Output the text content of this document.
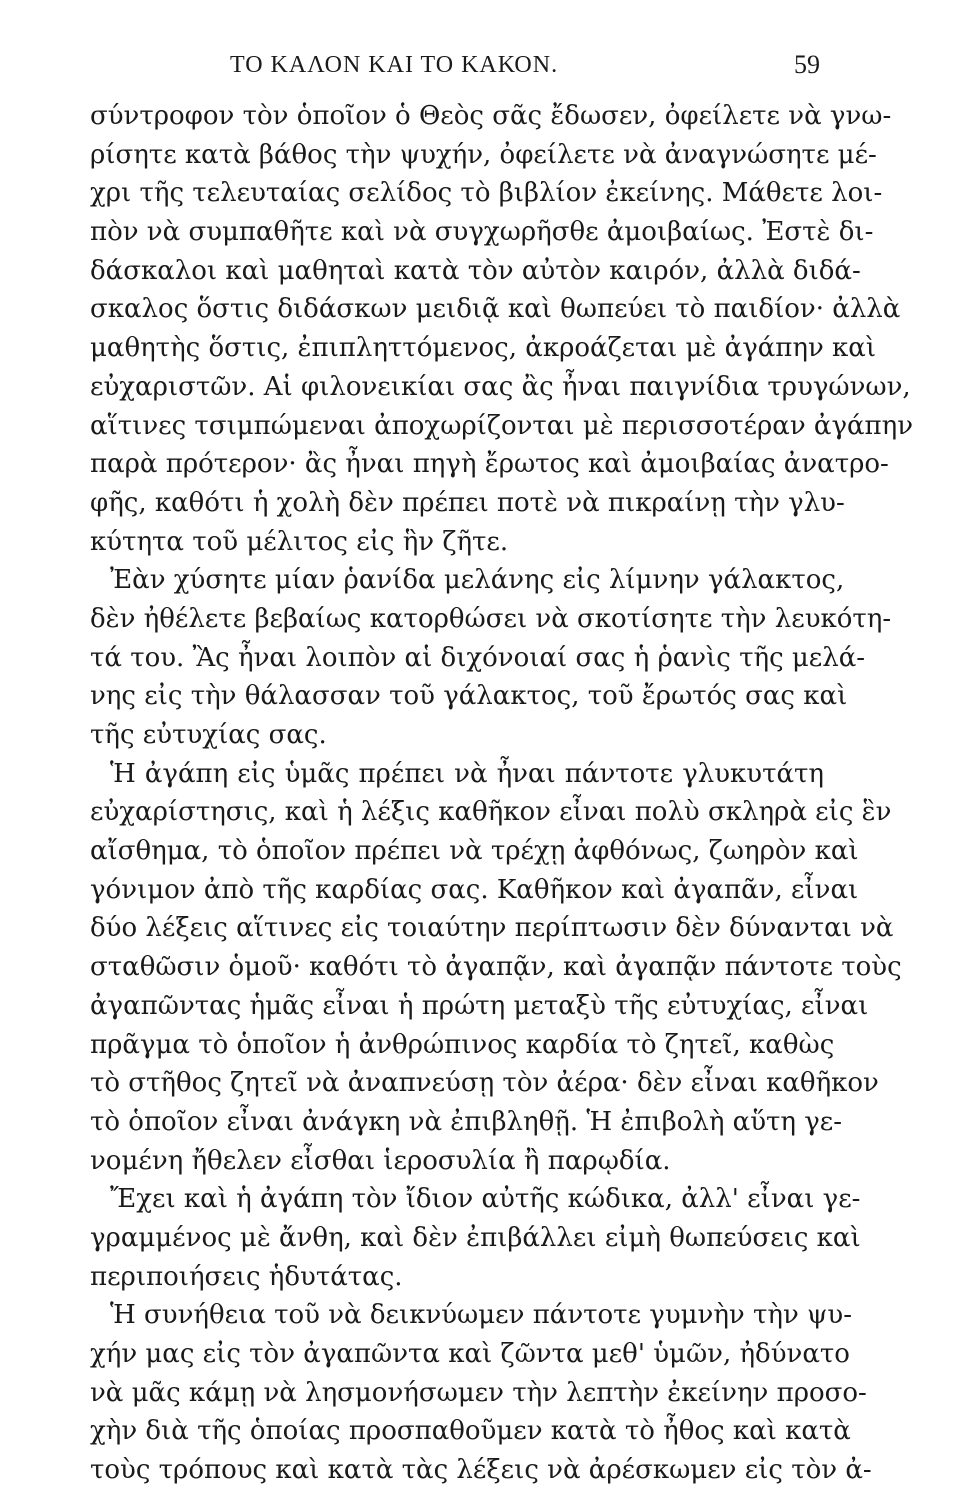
ΤΟ ΚΑΛΟΝ ΚΑΙ ΤΟ ΚΑΚΟΝ.	59
σύντροφον τὸν ὁποῖον ὁ Θεὸς σᾶς ἔδωσεν, ὀφείλετε νὰ γνω-
ρίσητε κατὰ βάθος τὴν ψυχήν, ὀφείλετε νὰ ἀναγνώσητε μέ-
χρι τῆς τελευταίας σελίδος τὸ βιβλίον ἐκείνης. Μάθετε λοι-
πὸν νὰ συμπαθῆτε καὶ νὰ συγχωρῆσθε ἀμοιβαίως. Ἐστὲ δι-
δάσκαλοι καὶ μαθηταὶ κατὰ τὸν αὐτὸν καιρόν, ἀλλὰ διδά-
σκαλος ὅστις διδάσκων μειδιᾷ καὶ θωπεύει τὸ παιδίον· ἀλλὰ
μαθητὴς ὅστις, ἐπιπληττόμενος, ἀκροάζεται μὲ ἀγάπην καὶ
εὐχαριστῶν. Αἱ φιλονεικίαι σας ἂς ἦναι παιγνίδια τρυγώνων,
αἵτινες τσιμπώμεναι ἀποχωρίζονται μὲ περισσοτέραν ἀγάπην
παρὰ πρότερον· ἂς ἦναι πηγὴ ἔρωτος καὶ ἀμοιβαίας ἀνατρο-
φῆς, καθότι ἡ χολὴ δὲν πρέπει ποτὲ νὰ πικραίνῃ τὴν γλυ-
κύτητα τοῦ μέλιτος εἰς ἣν ζῆτε.
Ἐὰν χύσητε μίαν ῥανίδα μελάνης εἰς λίμνην γάλακτος,
δὲν ἠθέλετε βεβαίως κατορθώσει νὰ σκοτίσητε τὴν λευκότη-
τά του. Ἂς ἦναι λοιπὸν αἱ διχόνοιαί σας ἡ ῥανὶς τῆς μελά-
νης εἰς τὴν θάλασσαν τοῦ γάλακτος, τοῦ ἔρωτός σας καὶ
τῆς εὐτυχίας σας.
Ἡ ἀγάπη εἰς ὑμᾶς πρέπει νὰ ἦναι πάντοτε γλυκυτάτη
εὐχαρίστησις, καὶ ἡ λέξις καθῆκον εἶναι πολὺ σκληρὰ εἰς ἓν
αἴσθημα, τὸ ὁποῖον πρέπει νὰ τρέχῃ ἀφθόνως, ζωηρὸν καὶ
γόνιμον ἀπὸ τῆς καρδίας σας. Καθῆκον καὶ ἀγαπᾶν, εἶναι
δύο λέξεις αἵτινες εἰς τοιαύτην περίπτωσιν δὲν δύνανται νὰ
σταθῶσιν ὁμοῦ· καθότι τὸ ἀγαπᾷν, καὶ ἀγαπᾷν πάντοτε τοὺς
ἀγαπῶντας ἡμᾶς εἶναι ἡ πρώτη μεταξὺ τῆς εὐτυχίας, εἶναι
πρᾶγμα τὸ ὁποῖον ἡ ἀνθρώπινος καρδία τὸ ζητεῖ, καθὼς
τὸ στῆθος ζητεῖ νὰ ἀναπνεύσῃ τὸν ἀέρα· δὲν εἶναι καθῆκον
τὸ ὁποῖον εἶναι ἀνάγκη νὰ ἐπιβληθῇ. Ἡ ἐπιβολὴ αὕτη γε-
νομένη ἤθελεν εἶσθαι ἱεροσυλία ἢ παρῳδία.
Ἔχει καὶ ἡ ἀγάπη τὸν ἴδιον αὐτῆς κώδικα, ἀλλ' εἶναι γε-
γραμμένος μὲ ἄνθη, καὶ δὲν ἐπιβάλλει εἰμὴ θωπεύσεις καὶ
περιποιήσεις ἡδυτάτας.
Ἡ συνήθεια τοῦ νὰ δεικνύωμεν πάντοτε γυμνὴν τὴν ψυ-
χήν μας εἰς τὸν ἀγαπῶντα καὶ ζῶντα μεθ' ὑμῶν, ἠδύνατο
νὰ μᾶς κάμῃ νὰ λησμονήσωμεν τὴν λεπτὴν ἐκείνην προσο-
χὴν διὰ τῆς ὁποίας προσπαθοῦμεν κατὰ τὸ ἦθος καὶ κατὰ
τοὺς τρόπους καὶ κατὰ τὰς λέξεις νὰ ἀρέσκωμεν εἰς τὸν ἀ-
